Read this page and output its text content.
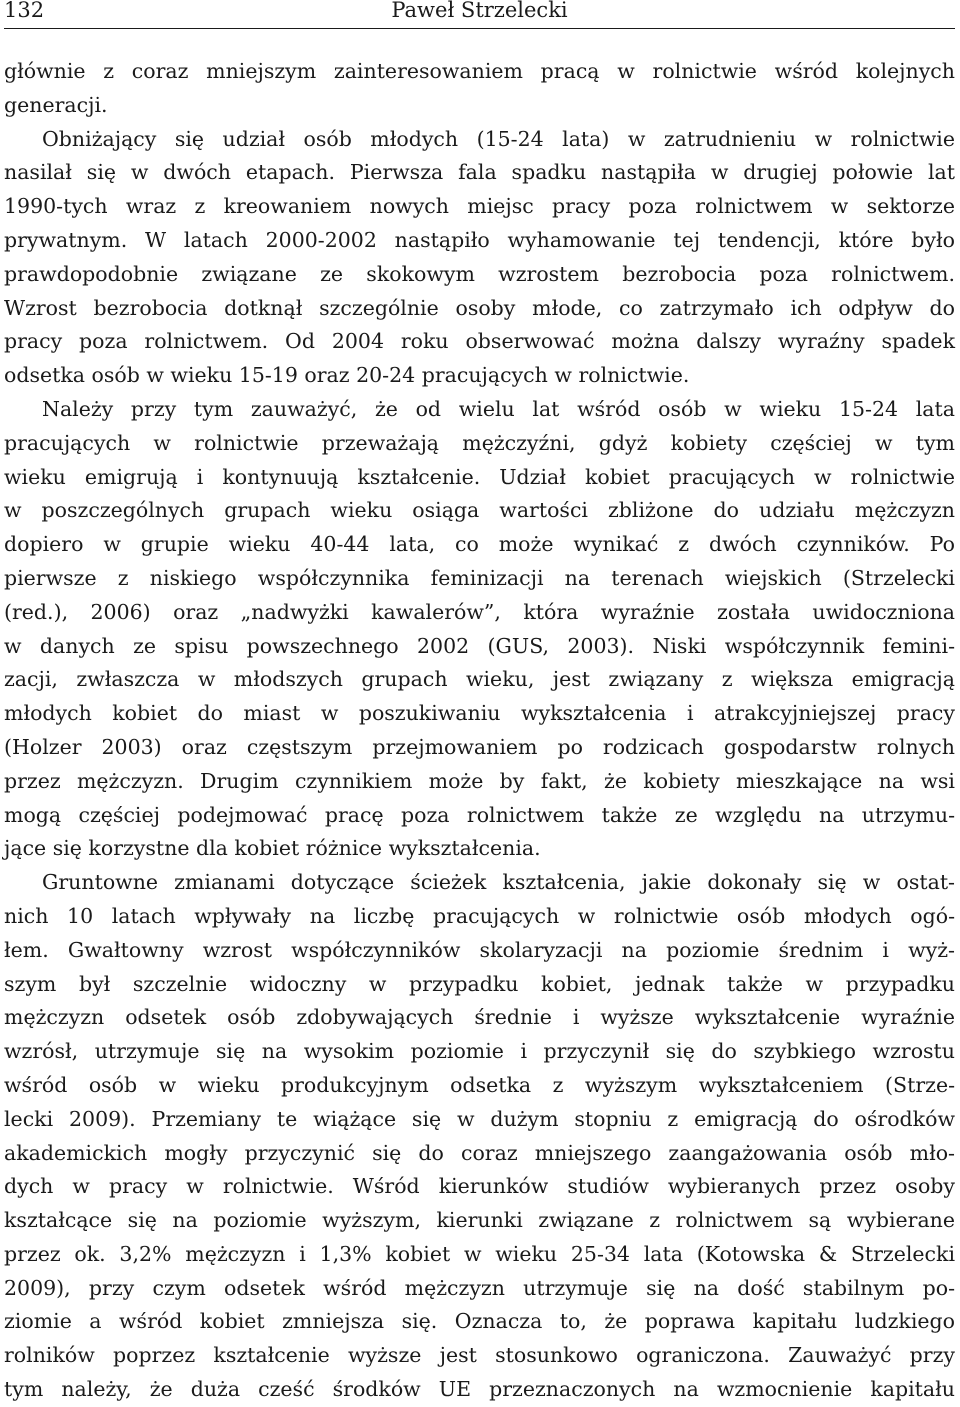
132	Paweł Strzelecki

głównie z coraz mniejszym zainteresowaniem pracą w rolnictwie wśród kolejnych
generacji.

Obniżający się udział osób młodych (15-24 lata) w zatrudnieniu w rolnictwie
nasilał się w dwóch etapach. Pierwsza fala spadku nastąpiła w drugiej połowie lat
1990-tych wraz z kreowaniem nowych miejsc pracy poza rolnictwem w sektorze
prywatnym. W latach 2000-2002 nastąpiło wyhamowanie tej tendencji, które było
prawdopodobnie związane ze skokowym wzrostem bezrobocia poza rolnictwem.
Wzrost bezrobocia dotknął szczególnie osoby młode, co zatrzymało ich odpływ do
pracy poza rolnictwem. Od 2004 roku obserwować można dalszy wyraźny spadek
odsetka osób w wieku 15-19 oraz 20-24 pracujących w rolnictwie.

Należy przy tym zauważyć, że od wielu lat wśród osób w wieku 15-24 lata
pracujących w rolnictwie przeważają mężczyźni, gdyż kobiety częściej w tym
wieku emigrują i kontynuują kształcenie. Udział kobiet pracujących w rolnictwie
w poszczególnych grupach wieku osiąga wartości zbliżone do udziału mężczyzn
dopiero w grupie wieku 40-44 lata, co może wynikać z dwóch czynników. Po
pierwsze z niskiego współczynnika feminizacji na terenach wiejskich (Strzelecki
(red.), 2006) oraz „nadwyżki kawalerów”, która wyraźnie została uwidoczniona
w danych ze spisu powszechnego 2002 (GUS, 2003). Niski współczynnik femini-
zacji, zwłaszcza w młodszych grupach wieku, jest związany z większa emigracją
młodych kobiet do miast w poszukiwaniu wykształcenia i atrakcyjniejszej pracy
(Holzer 2003) oraz częstszym przejmowaniem po rodzicach gospodarstw rolnych
przez mężczyzn. Drugim czynnikiem może by fakt, że kobiety mieszkające na wsi
mogą częściej podejmować pracę poza rolnictwem także ze względu na utrzymu-
jące się korzystne dla kobiet różnice wykształcenia.

Gruntowne zmianami dotyczące ścieżek kształcenia, jakie dokonały się w ostat-
nich 10 latach wpływały na liczbę pracujących w rolnictwie osób młodych ogó-
łem. Gwałtowny wzrost współczynników skolaryzacji na poziomie średnim i wyż-
szym był szczelnie widoczny w przypadku kobiet, jednak także w przypadku
mężczyzn odsetek osób zdobywających średnie i wyższe wykształcenie wyraźnie
wzrósł, utrzymuje się na wysokim poziomie i przyczynił się do szybkiego wzrostu
wśród osób w wieku produkcyjnym odsetka z wyższym wykształceniem (Strze-
lecki 2009). Przemiany te wiążące się w dużym stopniu z emigracją do ośrodków
akademickich mogły przyczynić się do coraz mniejszego zaangażowania osób mło-
dych w pracy w rolnictwie. Wśród kierunków studiów wybieranych przez osoby
kształcące się na poziomie wyższym, kierunki związane z rolnictwem są wybierane
przez ok. 3,2% mężczyzn i 1,3% kobiet w wieku 25-34 lata (Kotowska & Strzelecki
2009), przy czym odsetek wśród mężczyzn utrzymuje się na dość stabilnym po-
ziomie a wśród kobiet zmniejsza się. Oznacza to, że poprawa kapitału ludzkiego
rolników poprzez kształcenie wyższe jest stosunkowo ograniczona. Zauważyć przy
tym należy, że duża cześć środków UE przeznaczonych na wzmocnienie kapitału
